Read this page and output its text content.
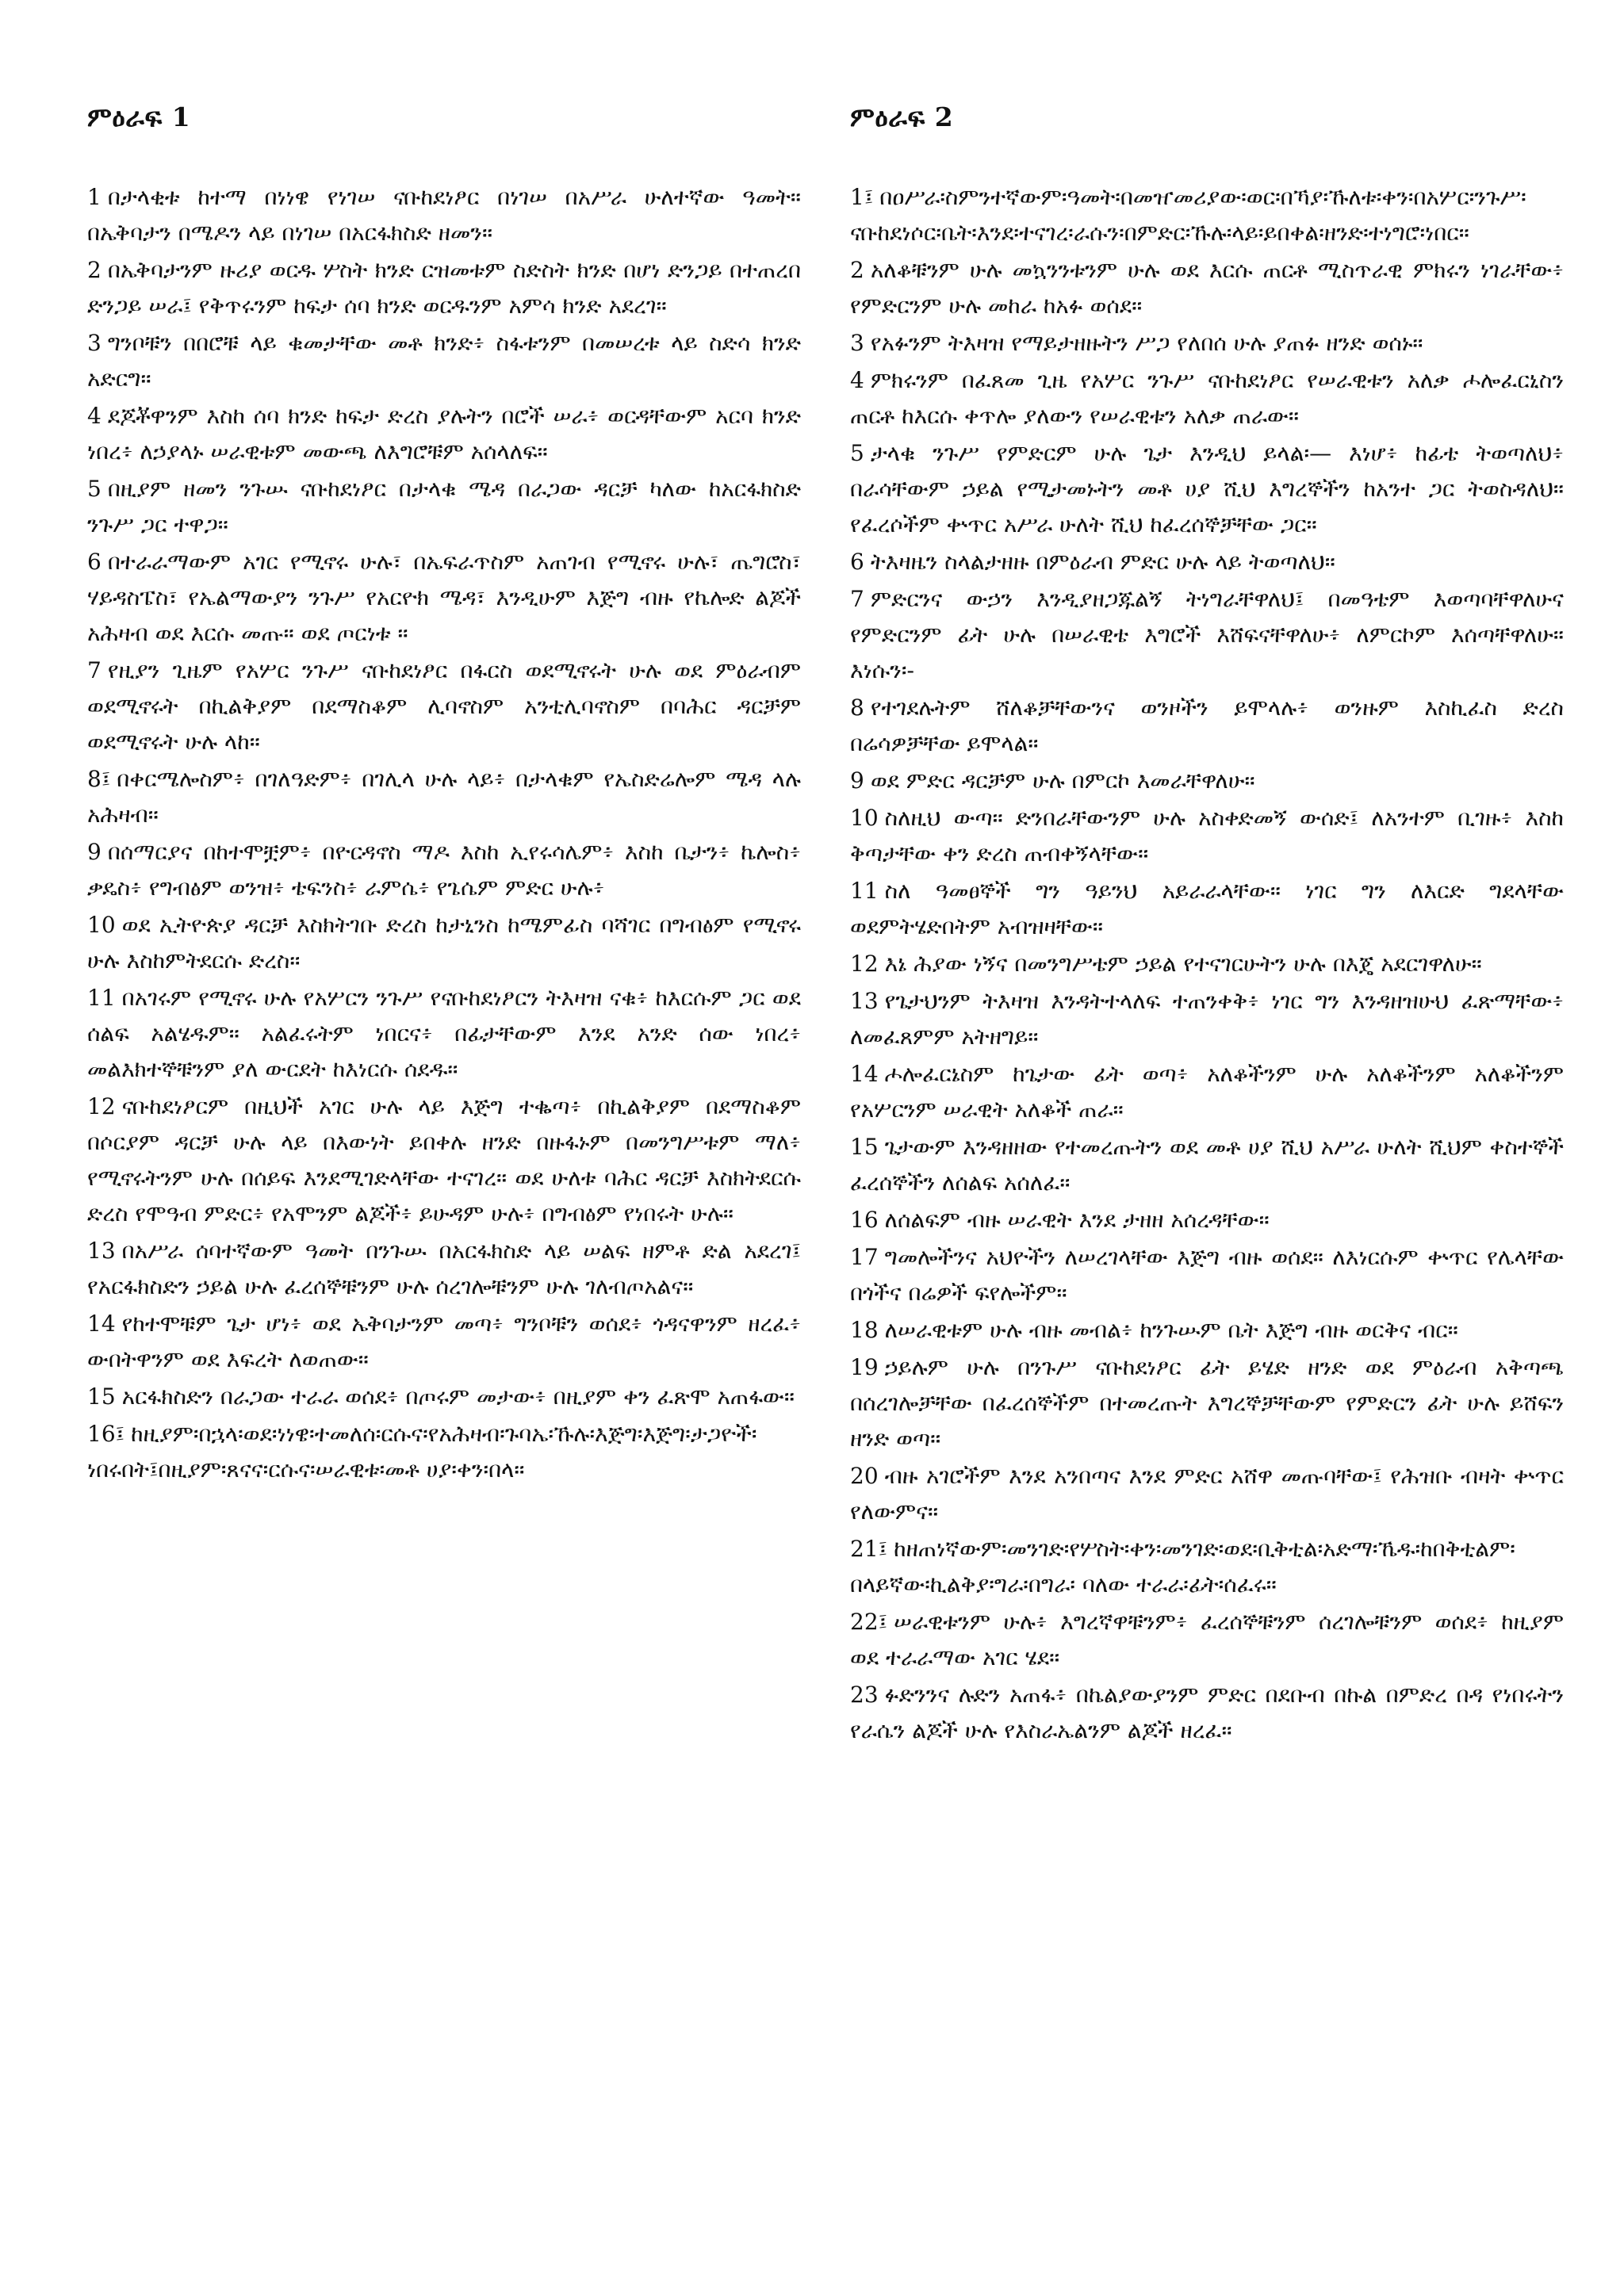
ምዕራፍ 1

1 በታላቂቱ ከተማ በነነዌ የነገሠ ናቡከደነፆር በነገሠ በአሥራ ሁለተኛው ዓመት። በኤቅባታን በሜዶን ላይ በነገሠ በአርፋክስድ ዘመን።

2 በኤቅባታንም ዙሪያ ወርዱ ሦስት ክንድ ርዝመቱም ስድስት ክንድ በሆነ ድንጋይ በተጠረበ ድንጋይ ሠራ፤ የቅጥሩንም ከፍታ ሰባ ክንድ ወርዱንም አምሳ ክንድ አደረገ።

3 ግንቦቹን በበሮቹ ላይ ቁመታቸው መቶ ክንድ፥ ስፋቱንም በመሠረቱ ላይ ስድሳ ክንድ አድርግ።

4 ደጆቾዋንም እስከ ሰባ ክንድ ከፍታ ድረስ ያሉትን በሮች ሠራ፥ ወርዳቸውም አርባ ክንድ ነበረ፥ ለኃያላኑ ሠራዊቱም መውጫ ለእግሮቹም አሰላለፍ።

5 በዚያም ዘመን ንጉሡ ናቡከደነፆር በታላቁ ሜዳ በራጋው ዳርቻ ካለው ከአርፋክስድ ንጉሥ ጋር ተዋጋ።

6 በተራራማውም አገር የሚኖሩ ሁሉ፣ በኤፍራጥስም አጠገብ የሚኖሩ ሁሉ፣ ጤግሮስ፣ ሃይዳስፔስ፣ የኤልማውያን ንጉሥ የአርዮክ ሜዳ፣ እንዲሁም እጅግ ብዙ የኬሎድ ልጆች አሕዛብ ወደ እርሱ መጡ። ወደ ጦርነቱ ።

7 የዚያን ጊዜም የአሦር ንጉሥ ናቡከደነፆር በፋርስ ወደሚኖሩት ሁሉ ወደ ምዕራብም ወደሚኖሩት በኪልቅያም በደማስቆም ሊባኖስም አንቲሊባኖስም በባሕር ዳርቻም ወደሚኖሩት ሁሉ ላከ።

8፤ በቀርሜሎስም፥ በገለዓድም፥ በገሊላ ሁሉ ላይ፥ በታላቁም የኤስድሬሎም ሜዳ ላሉ አሕዛብ።

9 በሰማርያና በከተሞቿም፥ በዮርዳኖስ ማዶ እስከ ኢየሩሳሌም፥ እስከ ቤታን፥ ኬሎስ፥ ቃዴስ፥ የግብፅም ወንዝ፥ ቴፍንስ፥ ራምሴ፥ የጌሴም ምድር ሁሉ፥

10 ወደ ኢትዮጵያ ዳርቻ እስክትገቡ ድረስ ከታኒንስ ከሜምፊስ ባሻገር በግብፅም የሚኖሩ ሁሉ እስከምትደርሱ ድረስ።

11 በአገሩም የሚኖሩ ሁሉ የአሦርን ንጉሥ የናቡከደነፆርን ትእዛዝ ናቁ፥ ከእርሱም ጋር ወደ ሰልፍ አልሄዱም። አልፈሩትም ነበርና፥ በፊታቸውም እንደ አንድ ሰው ነበረ፥ መልእክተኞቹንም ያለ ውርደት ከእነርሱ ሰደዱ።

12 ናቡከደነፆርም በዚህች አገር ሁሉ ላይ እጅግ ተቈጣ፥ በኪልቅያም በደማስቆም በሶርያም ዳርቻ ሁሉ ላይ በእውነት ይበቀሉ ዘንድ በዙፋኑም በመንግሥቱም ማለ፥ የሚኖሩትንም ሁሉ በሰይፍ እንደሚገድላቸው ተናገረ። ወደ ሁለቱ ባሕር ዳርቻ እስክትደርሱ ድረስ የሞዓብ ምድር፥ የአሞንም ልጆች፥ ይሁዳም ሁሉ፥ በግብፅም የነበሩት ሁሉ።

13 በአሥራ ሰባተኛውም ዓመት በንጉሡ በአርፋክስድ ላይ ሠልፍ ዘምቶ ድል አደረገ፤ የአርፋክስድን ኃይል ሁሉ ፈረሰኞቹንም ሁሉ ሰረገሎቹንም ሁሉ ገለብጦአልና።

14 የከተሞቹም ጌታ ሆነ፥ ወደ ኤቅባታንም መጣ፥ ግንቦቹን ወሰደ፥ ጎዳናዋንም ዘረፈ፥ ውበትዋንም ወደ እፍረት ለወጠው።

15 አርፋክስድን በራጋው ተራራ ወሰደ፥ በጦሩም መታው፥ በዚያም ቀን ፈጽሞ አጠፋው።

16፤ ከዚያም፡በኋላ፡ወደ፡ነነዌ፡ተመለሰ፡ርሱና፡የአሕዛብ፡ጉባኤ፡ኹሉ፡እጅግ፡እጅግ፡ታጋዮች፡ነበሩበት፤በዚያም፡ጸናና፡ርሱና፡ሠራዊቱ፡መቶ ሀያ፡ቀን፡በላ።

ምዕራፍ 2

1፤ በዐሥራ፡ስምንተኛውም፡ዓመት፡በመዠመሪያው፡ወር፡በኻያ፡ኹለቱ፡ቀን፡በአሦር፡ንጉሥ፡ናቡከደነሶር፡ቤት፡እንደ፡ተናገረ፡ራሱን፡በምድር፡ኹሉ፡ላይ፡ይበቀል፡ዘንድ፡ተነግሮ፡ነበር።

2 አለቆቹንም ሁሉ መኳንንቱንም ሁሉ ወደ እርሱ ጠርቶ ሚስጥራዊ ምክሩን ነገራቸው፥ የምድርንም ሁሉ መከራ ከአፉ ወሰደ።

3 የአፉንም ትእዛዝ የማይታዘዙትን ሥጋ የለበሰ ሁሉ ያጠፉ ዘንድ ወሰኑ።

4 ምክሩንም በፈጸመ ጊዜ የአሦር ንጉሥ ናቡከደነፆር የሠራዊቱን አለቃ ሖሎፈርኒስን ጠርቶ ከእርሱ ቀጥሎ ያለውን የሠራዊቱን አለቃ ጠራው።

5 ታላቁ ንጉሥ የምድርም ሁሉ ጌታ እንዲህ ይላል፡— እነሆ፥ ከፊቴ ትወጣለህ፥ በራሳቸውም ኃይል የሚታመኑትን መቶ ሀያ ሺህ እግረኞችን ከአንተ ጋር ትወስዳለህ። የፈረሶችም ቍጥር አሥራ ሁለት ሺህ ከፈረሰኞቻቸው ጋር።

6 ትእዛዜን ስላልታዘዙ በምዕራብ ምድር ሁሉ ላይ ትወጣለህ።

7 ምድርንና ውኃን እንዲያዘጋጁልኝ ትነግራቸዋለህ፤ በመዓቴም እወጣባቸዋለሁና የምድርንም ፊት ሁሉ በሠራዊቴ እግሮች እሸፍናቸዋለሁ፥ ለምርኮም እሰጣቸዋለሁ። እነሱን፡-

8 የተገደሉትም ሸለቆቻቸውንና ወንዞችን ይሞላሉ፥ ወንዙም እስኪፈስ ድረስ በሬሳዎቻቸው ይሞላል።

9 ወደ ምድር ዳርቻም ሁሉ በምርኮ እመራቸዋለሁ።

10 ስለዚህ ውጣ። ድንበራቸውንም ሁሉ አስቀድመኝ ውሰድ፤ ለአንተም ቢገዙ፥ እስከ ቅጣታቸው ቀን ድረስ ጠብቀኝላቸው።

11 ስለ ዓመፀኞች ግን ዓይንህ አይራራላቸው። ነገር ግን ለእርድ ግደላቸው ወደምትሄድበትም አብዝዛቸው።

12 እኔ ሕያው ነኝና በመንግሥቴም ኃይል የተናገርሁትን ሁሉ በእጄ አደርገዋለሁ።

13 የጌታህንም ትእዛዝ እንዳትተላለፍ ተጠንቀቅ፥ ነገር ግን እንዳዘዝሁህ ፈጽማቸው፥ ለመፈጸምም አትዘግይ።

14 ሖሎፈርኔስም ከጌታው ፊት ወጣ፥ አለቆችንም ሁሉ አለቆችንም አለቆችንም የአሦርንም ሠራዊት አለቆች ጠራ።

15 ጌታውም እንዳዘዘው የተመረጡትን ወደ መቶ ሀያ ሺህ አሥራ ሁለት ሺህም ቀስተኞች ፈረሰኞችን ለሰልፍ አሰለፈ።

16 ለሰልፍም ብዙ ሠራዊት እንደ ታዘዘ አሰረዳቸው።

17 ግመሎችንና አህዮችን ለሠረገላቸው እጅግ ብዙ ወሰደ። ለእነርሱም ቍጥር የሌላቸው በጎችና በሬዎች ፍየሎችም።

18 ለሠራዊቱም ሁሉ ብዙ መብል፥ ከንጉሡም ቤት እጅግ ብዙ ወርቅና ብር።

19 ኃይሉም ሁሉ በንጉሥ ናቡከደነፆር ፊት ይሄድ ዘንድ ወደ ምዕራብ አቅጣጫ በሰረገሎቻቸው በፈረሰኞችም በተመረጡት እግረኞቻቸውም የምድርን ፊት ሁሉ ይሸፍን ዘንድ ወጣ።

20 ብዙ አገሮችም እንደ አንበጣና እንደ ምድር አሸዋ መጡባቸው፤ የሕዝቡ ብዛት ቍጥር የለውምና።

21፤ ከዘጠነኛውም፡መንገድ፡የሦስት፡ቀን፡መንገድ፡ወደ፡ቢቅቲል፡አድማ፡ኼዱ፡ከበቅቲልም፡በላይኛው፡ኪልቅያ፡ግራ፡በግራ፡ ባለው ተራራ፡ፊት፡ሰፈሩ።

22፤ ሠራዊቱንም ሁሉ፥ እግረኛዋቹንም፥ ፈረሰኞቹንም ሰረገሎቹንም ወሰደ፥ ከዚያም ወደ ተራራማው አገር ሄደ።

23 ፉድንንና ሉድን አጠፋ፥ በኬልያውያንም ምድር በደቡብ በኩል በምድረ በዳ የነበሩትን የራሴን ልጆች ሁሉ የእስራኤልንም ልጆች ዘረፈ።
